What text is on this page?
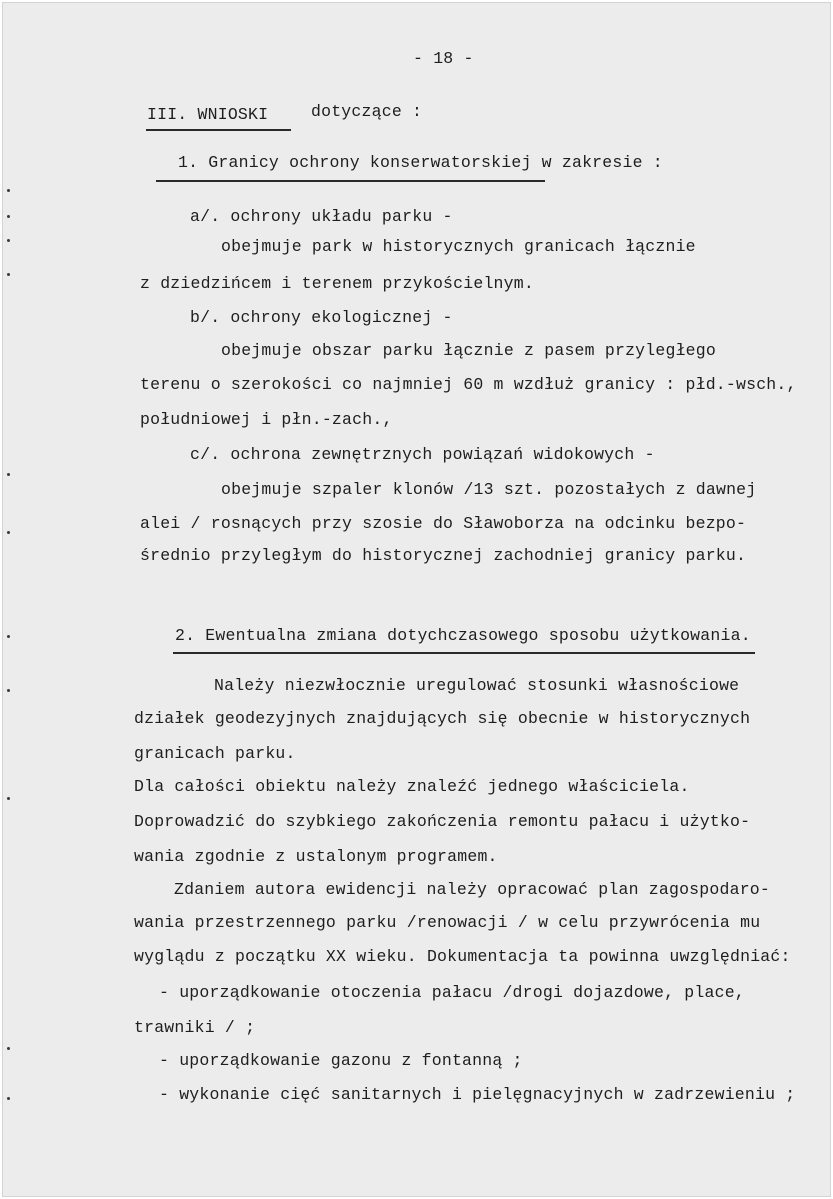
- 18 -
III. WNIOSKI	dotyczące :
1. Granicy ochrony konserwatorskiej w zakresie :
a/. ochrony układu parku -
obejmuje park w historycznych granicach łącznie
z dziedzińcem i terenem przykościelnym.
b/. ochrony ekologicznej -
obejmuje obszar parku łącznie z pasem przyległego
terenu o szerokości co najmniej 60 m wzdłuż granicy : płd.-wsch.,
południowej i płn.-zach.,
c/. ochrona zewnętrznych powiązań widokowych -
obejmuje szpaler klonów /13 szt. pozostałych z dawnej
alei / rosnących przy szosie do Sławoborza na odcinku bezpo-
średnio przyległym do historycznej zachodniej granicy parku.
2. Ewentualna zmiana dotychczasowego sposobu użytkowania.
Należy niezwłocznie uregulować stosunki własnościowe
działek geodezyjnych znajdujących się obecnie w historycznych
granicach parku.
Dla całości obiektu należy znaleźć jednego właściciela.
Doprowadzić do szybkiego zakończenia remontu pałacu i użytko-
wania zgodnie z ustalonym programem.
Zdaniem autora ewidencji należy opracować plan zagospodaro-
wania przestrzennego parku /renowacji / w celu przywrócenia mu
wyglądu z początku XX wieku. Dokumentacja ta powinna uwzględniać:
- uporządkowanie otoczenia pałacu /drogi dojazdowe, place,
trawniki / ;
- uporządkowanie gazonu z fontanną ;
- wykonanie cięć sanitarnych i pielęgnacyjnych w zadrzewieniu ;
